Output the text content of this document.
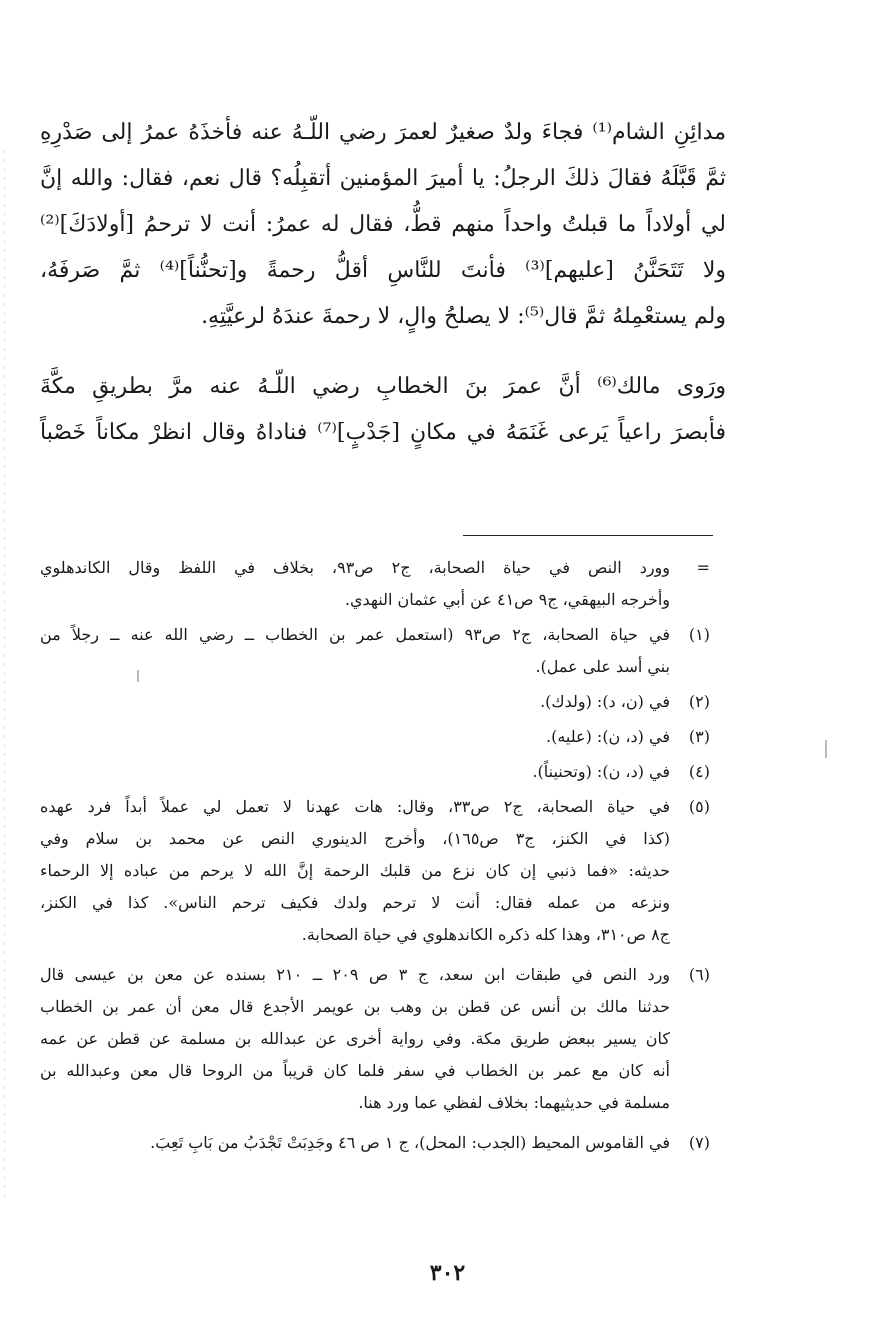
مدائِنِ الشام⁽¹⁾ فجاءَ ولدٌ صغيرٌ لعمرَ رضي اللّـهُ عنه فأخذَهُ عمرُ إلى صَدْرِهِ
ثمَّ قَبَّلَهُ فقالَ ذلكَ الرجلُ: يا أميرَ المؤمنين أتقبِلُه؟ قال نعم، فقال: والله إنَّ
لي أولاداً ما قبلتُ واحداً منهم قطُّ، فقال له عمرُ: أنت لا ترحمُ [أولادَكَ]⁽²⁾
ولا تَتَحَنَّنُ [عليهم]⁽³⁾ فأنتَ للنَّاسِ أقلُّ رحمةً و[تحنُّناً]⁽⁴⁾ ثمَّ صَرفَهُ،
ولم يستعْمِلهُ ثمَّ قال⁽⁵⁾: لا يصلحُ والٍ، لا رحمةَ عندَهُ لرعيَّتِهِ.
ورَوى مالك⁽⁶⁾ أنَّ عمرَ بنَ الخطابِ رضي اللّـهُ عنه مرَّ بطريقِ مكَّةَ
فأبصرَ راعياً يَرعى غَنَمَهُ في مكانٍ [جَدْبٍ]⁽⁷⁾ فناداهُ وقال انظرْ مكاناً خَصْباً
=
وورد النص في حياة الصحابة، ج٢ ص٩٣، بخلاف في اللفظ وقال الكاندهلوي
وأخرجه البيهقي، ج٩ ص٤١ عن أبي عثمان النهدي.
(١)
في حياة الصحابة، ج٢ ص٩٣ (استعمل عمر بن الخطاب ــ رضي الله عنه ــ رجلاً من
بني أسد على عمل).
(٢)
في (ن، د): (ولدك).
(٣)
في (د، ن): (عليه).
(٤)
في (د، ن): (وتحنيناً).
(٥)
في حياة الصحابة، ج٢ ص٣٣، وقال: هات عهدنا لا تعمل لي عملاً أبداً فرد عهده
(كذا في الكنز، ج٣ ص١٦٥)، وأخرج الدينوري النص عن محمد بن سلام وفي
حديثه: «فما ذنبي إن كان نزع من قلبك الرحمة إنَّ الله لا يرحم من عباده إلا الرحماء
ونزعه من عمله فقال: أنت لا ترحم ولدك فكيف ترحم الناس». كذا في الكنز،
ج٨ ص٣١٠، وهذا كله ذكره الكاندهلوي في حياة الصحابة.
(٦)
ورد النص في طبقات ابن سعد، ج ٣ ص ٢٠٩ ــ ٢١٠ بسنده عن معن بن عيسى قال
حدثنا مالك بن أنس عن قطن بن وهب بن عويمر الأجدع قال معن أن عمر بن الخطاب
كان يسير ببعض طريق مكة. وفي رواية أخرى عن عبدالله بن مسلمة عن قطن عن عمه
أنه كان مع عمر بن الخطاب في سفر فلما كان قريباً من الروحا قال معن وعبدالله بن
مسلمة في حديثيهما: بخلاف لفظي عما ورد هنا.
(٧)
في القاموس المحيط (الجدب: المحل)، ج ١ ص ٤٦ وجَدِبَتْ تَجْدَبُ من بَابِ تَعِبَ.
٣٠٢
